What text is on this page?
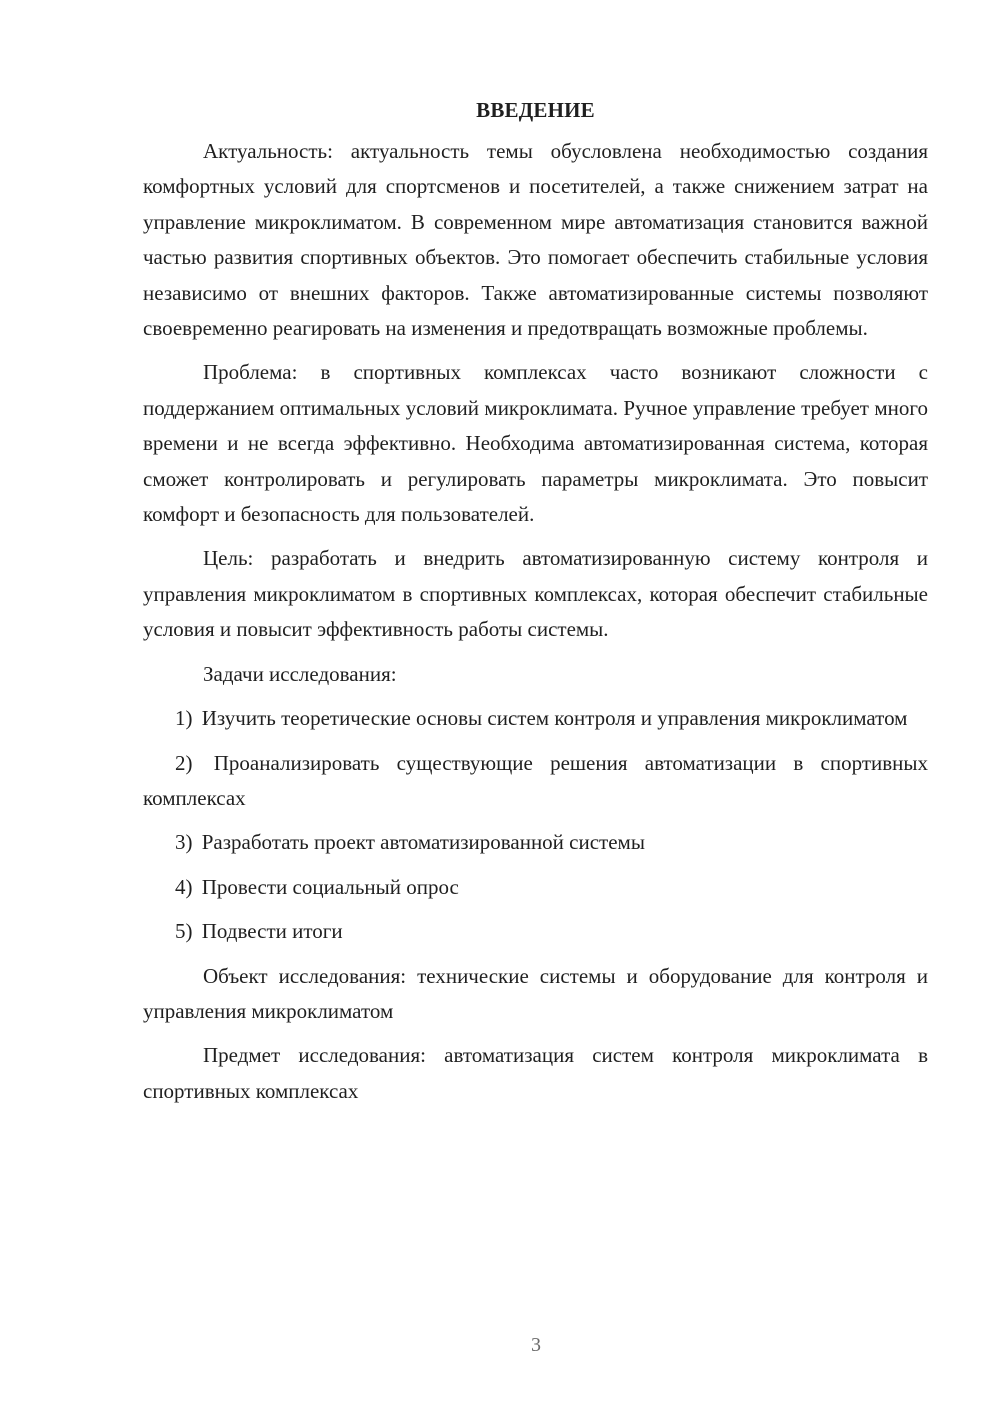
ВВЕДЕНИЕ

Актуальность: актуальность темы обусловлена необходимостью создания комфортных условий для спортсменов и посетителей, а также снижением затрат на управление микроклиматом. В современном мире автоматизация становится важной частью развития спортивных объектов. Это помогает обеспечить стабильные условия независимо от внешних факторов. Также автоматизированные системы позволяют своевременно реагировать на изменения и предотвращать возможные проблемы.

Проблема: в спортивных комплексах часто возникают сложности с поддержанием оптимальных условий микроклимата. Ручное управление требует много времени и не всегда эффективно. Необходима автоматизированная система, которая сможет контролировать и регулировать параметры микроклимата. Это повысит комфорт и безопасность для пользователей.

Цель: разработать и внедрить автоматизированную систему контроля и управления микроклиматом в спортивных комплексах, которая обеспечит стабильные условия и повысит эффективность работы системы.

Задачи исследования:

1) Изучить теоретические основы систем контроля и управления микроклиматом

2) Проанализировать существующие решения автоматизации в спортивных комплексах

3) Разработать проект автоматизированной системы

4) Провести социальный опрос

5) Подвести итоги

Объект исследования: технические системы и оборудование для контроля и управления микроклиматом

Предмет исследования: автоматизация систем контроля микроклимата в спортивных комплексах

3
